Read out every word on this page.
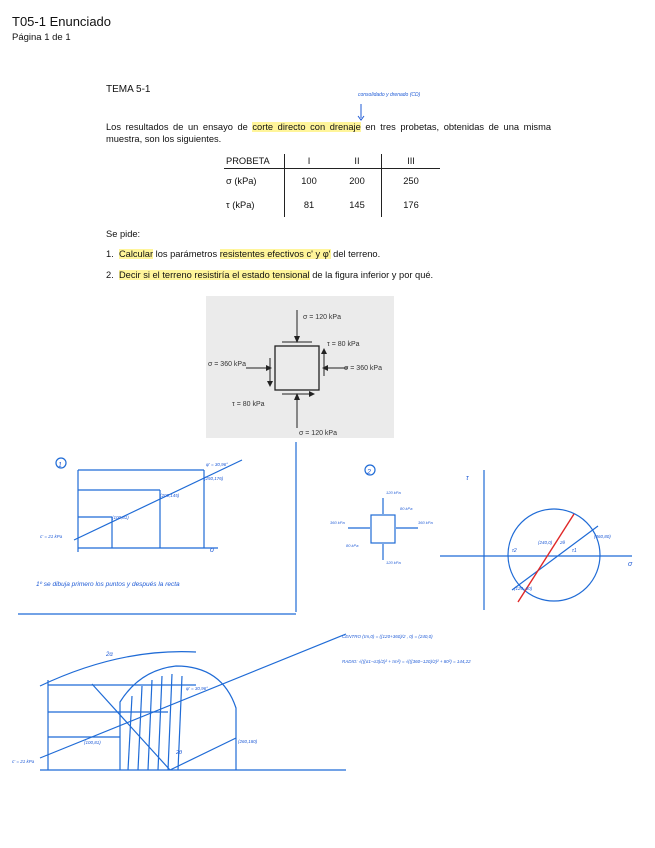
T05-1 Enunciado
Página 1 de 1
TEMA 5-1	consolidado y drenado (CD)
Los resultados de un ensayo de corte directo con drenaje en tres probetas, obtenidas de una misma muestra, son los siguientes.
PROBETA	I	II	III
σ (kPa)	100	200	250
τ (kPa)	81	145	176
Se pide:
1. Calcular los parámetros resistentes efectivos c' y φ' del terreno.
2. Decir si el terreno resistiría el estado tensional de la figura inferior y por qué.
σ = 120 kPa
τ = 80 kPa
σ = 360 kPa
σ = 360 kPa
τ = 80 kPa
σ = 120 kPa
1
2
φ' = 30,96°
(250,176)
(200,145)
(100,81)
c' = 21 kPa
1º se dibuja primero los puntos y después la recta
σ
τ
σ
120 kPa
80 kPa
360 kPa
360 kPa
80 kPa
120 kPa
(240,0)
(360,80)
(120,-80)
τ1
τ2
2θ
CENTRO (τm,0) = ((120+360)/2 , 0) = (240,0)
RADIO: √(((σ1−σ3)/2)² + τm²) = √(((360−120)/2)² + 80²) = 144,22
2α
φ' = 30,96°
c' = 21 kPa
(260,180)
(100,81)
2θ
